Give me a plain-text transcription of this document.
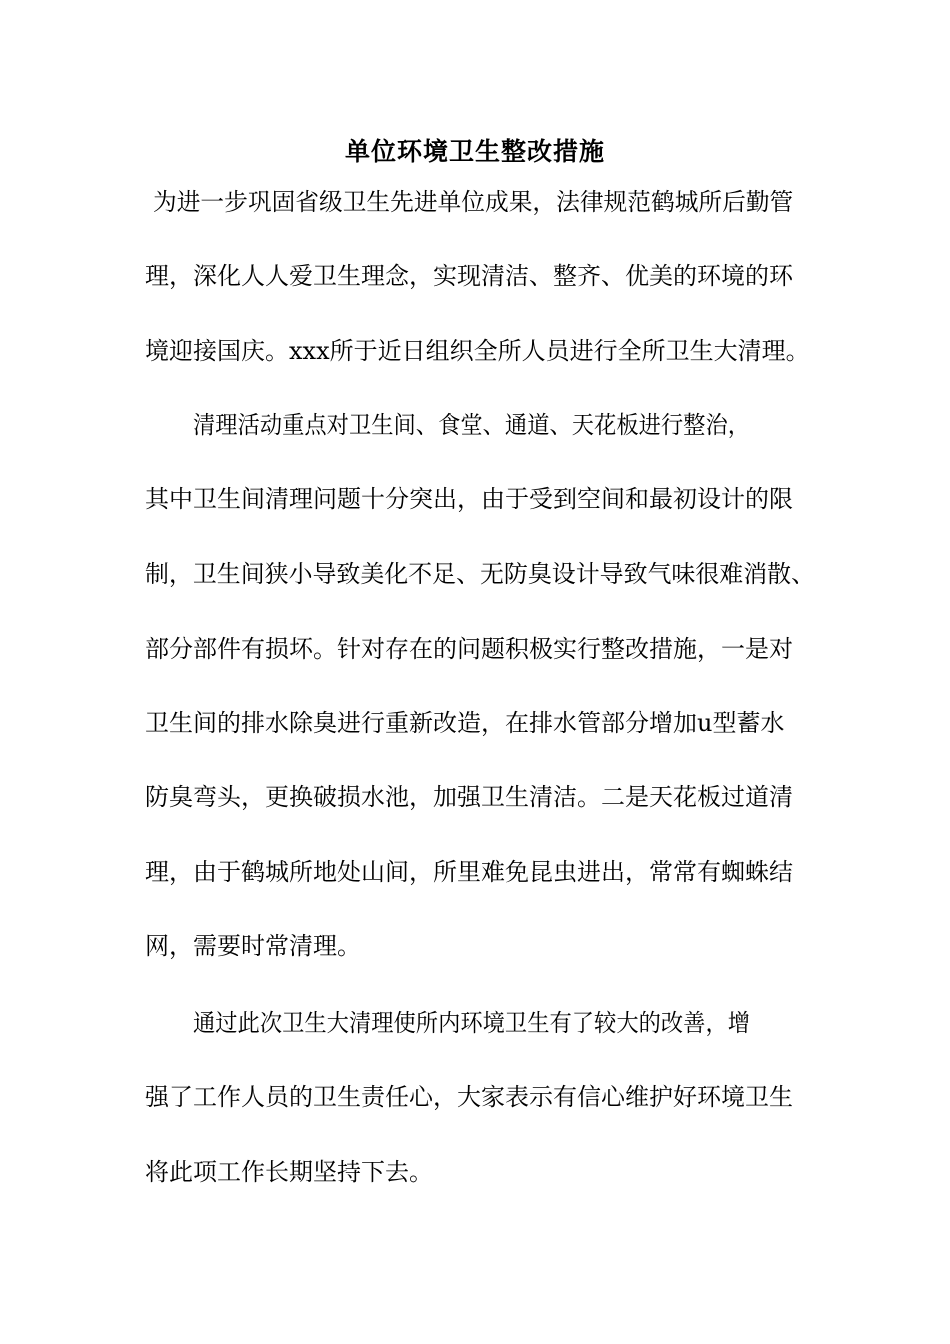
单位环境卫生整改措施
为进一步巩固省级卫生先进单位成果，法律规范鹤城所后勤管
理，深化人人爱卫生理念，实现清洁、整齐、优美的环境的环
境迎接国庆。xxx所于近日组织全所人员进行全所卫生大清理。
清理活动重点对卫生间、食堂、通道、天花板进行整治，
其中卫生间清理问题十分突出，由于受到空间和最初设计的限
制，卫生间狭小导致美化不足、无防臭设计导致气味很难消散、
部分部件有损坏。针对存在的问题积极实行整改措施，一是对
卫生间的排水除臭进行重新改造，在排水管部分增加u型蓄水
防臭弯头，更换破损水池，加强卫生清洁。二是天花板过道清
理，由于鹤城所地处山间，所里难免昆虫进出，常常有蜘蛛结
网，需要时常清理。
通过此次卫生大清理使所内环境卫生有了较大的改善，增
强了工作人员的卫生责任心，大家表示有信心维护好环境卫生
将此项工作长期坚持下去。
